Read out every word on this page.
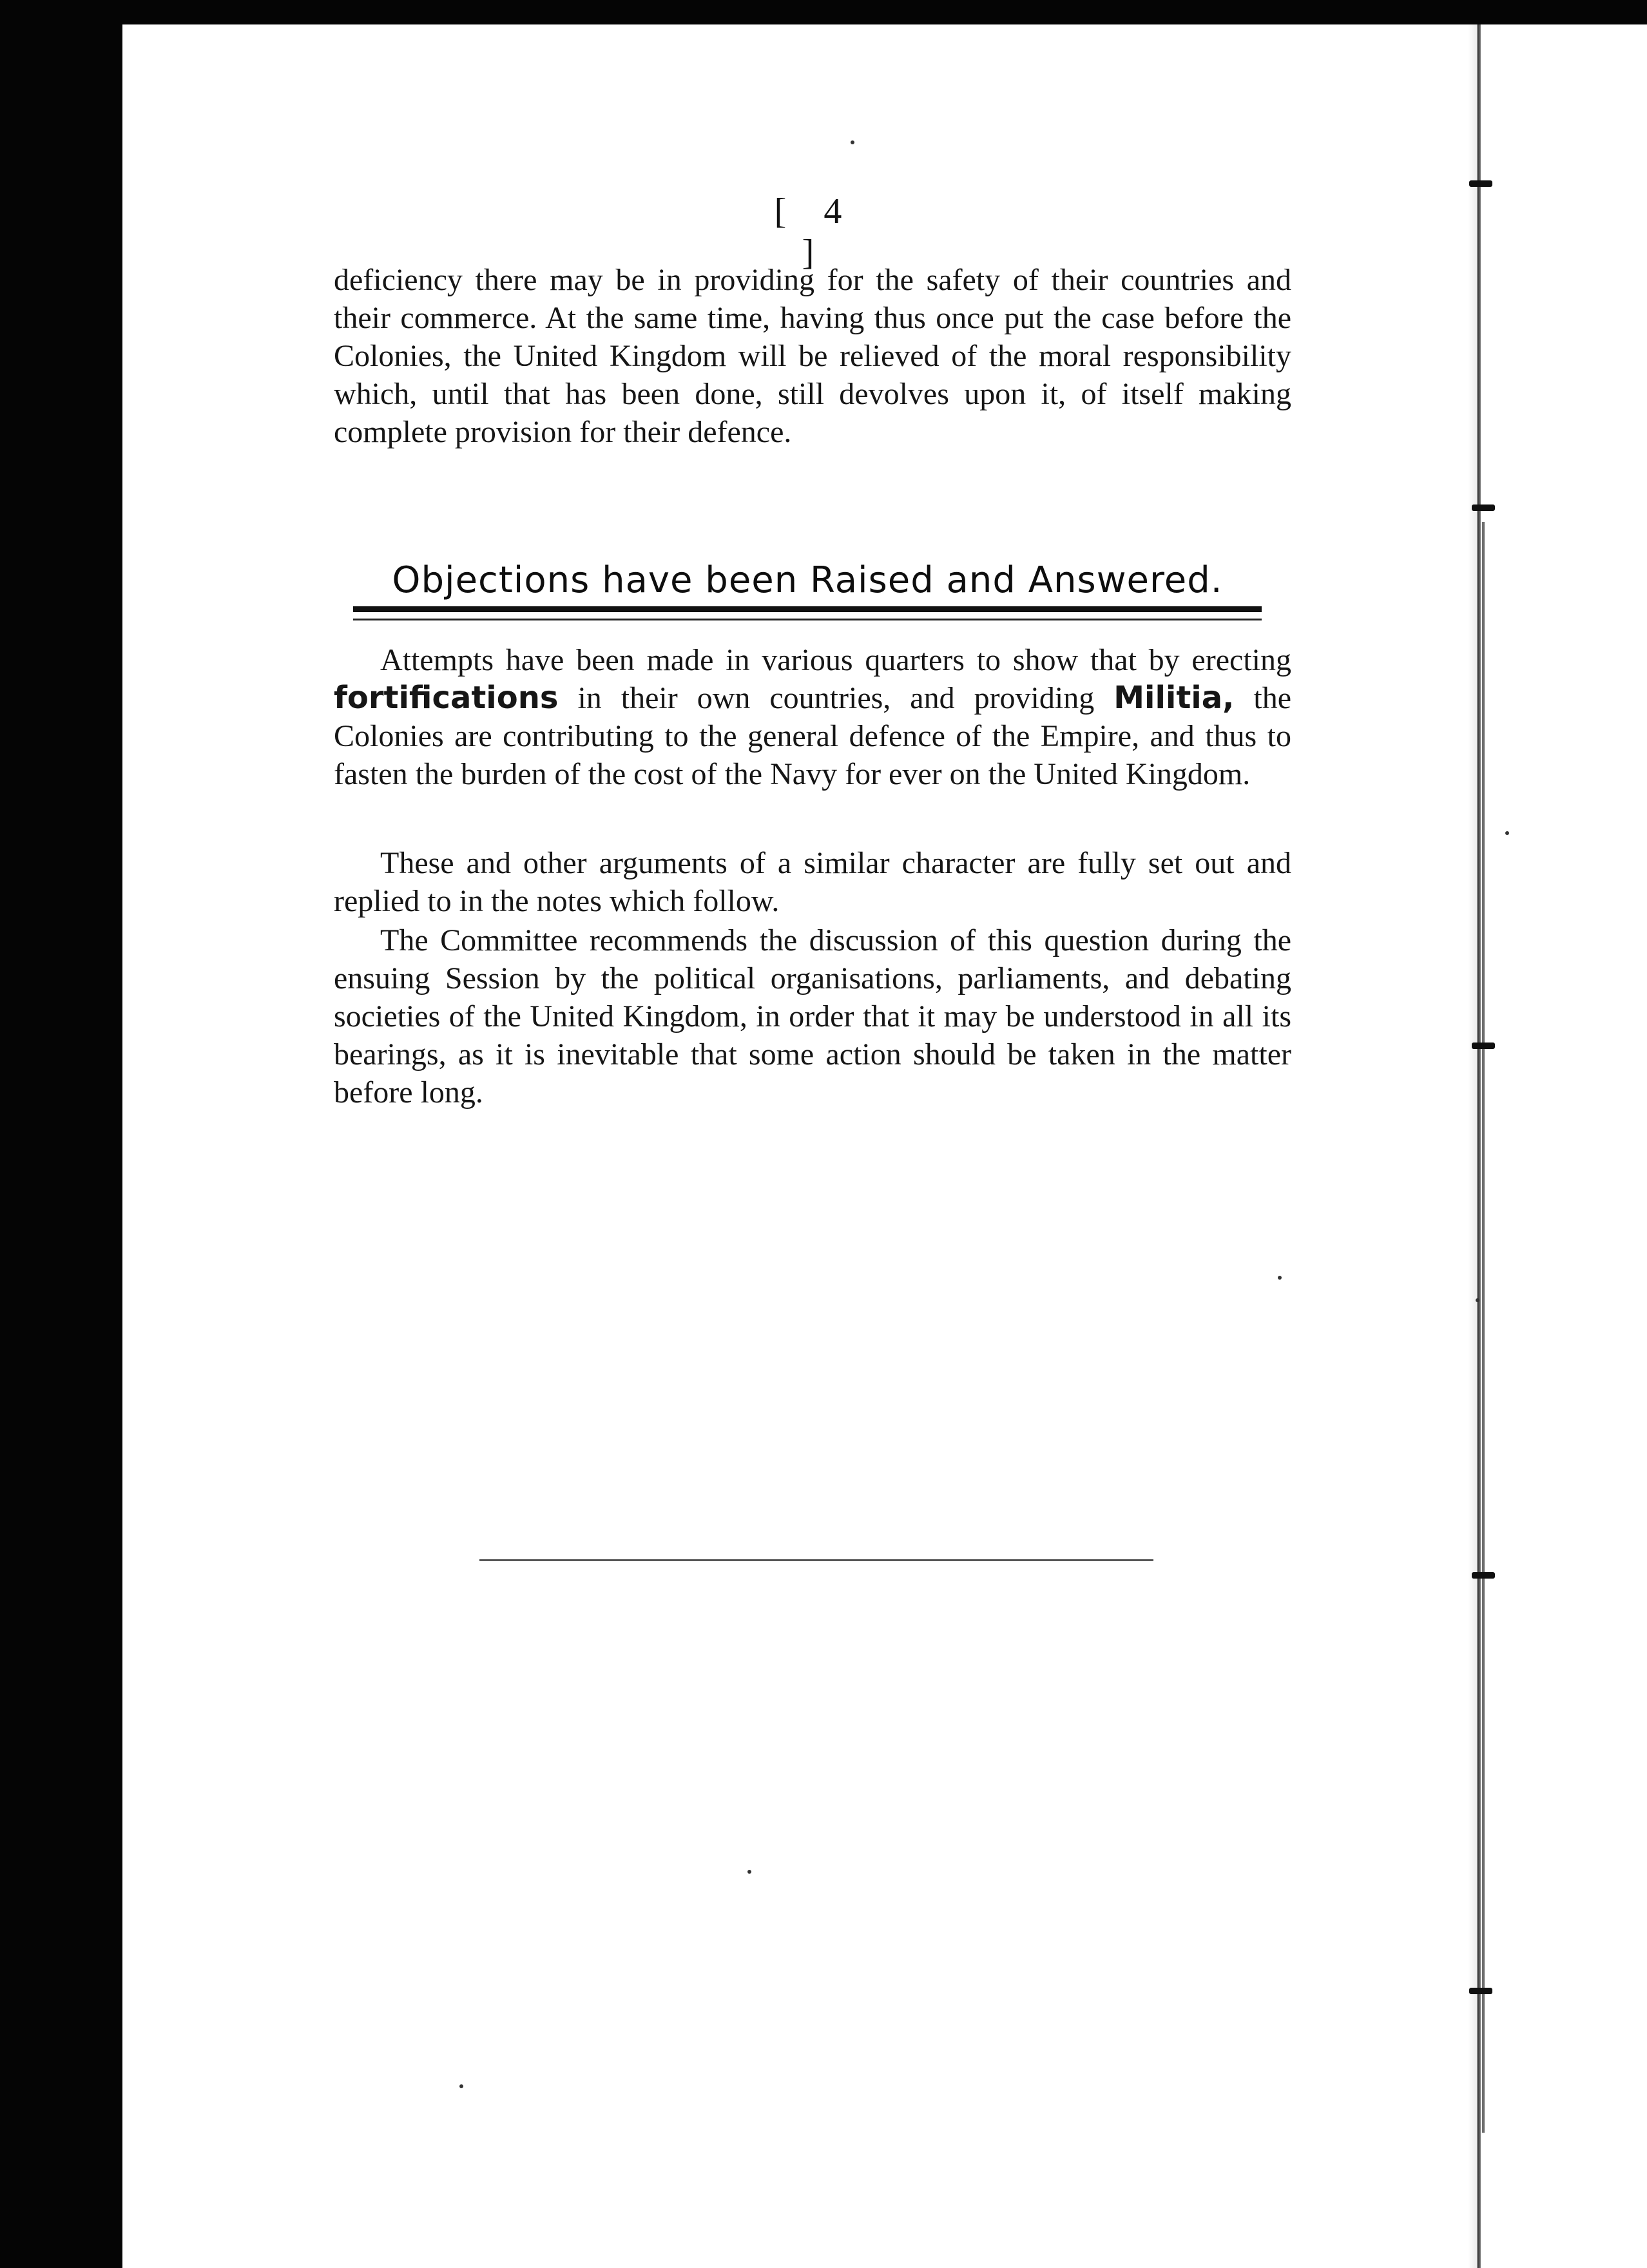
[ 4 ]
deficiency there may be in providing for the safety of their countries and their commerce. At the same time, having thus once put the case before the Colonies, the United Kingdom will be relieved of the moral responsibility which, until that has been done, still devolves upon it, of itself making complete provision for their defence.
Objections have been Raised and Answered.
Attempts have been made in various quarters to show that by erecting fortifications in their own countries, and providing Militia, the Colonies are contributing to the general defence of the Empire, and thus to fasten the burden of the cost of the Navy for ever on the United Kingdom.
These and other arguments of a similar character are fully set out and replied to in the notes which follow.
The Committee recommends the discussion of this question during the ensuing Session by the political organisations, parliaments, and debating societies of the United Kingdom, in order that it may be understood in all its bearings, as it is inevitable that some action should be taken in the matter before long.
